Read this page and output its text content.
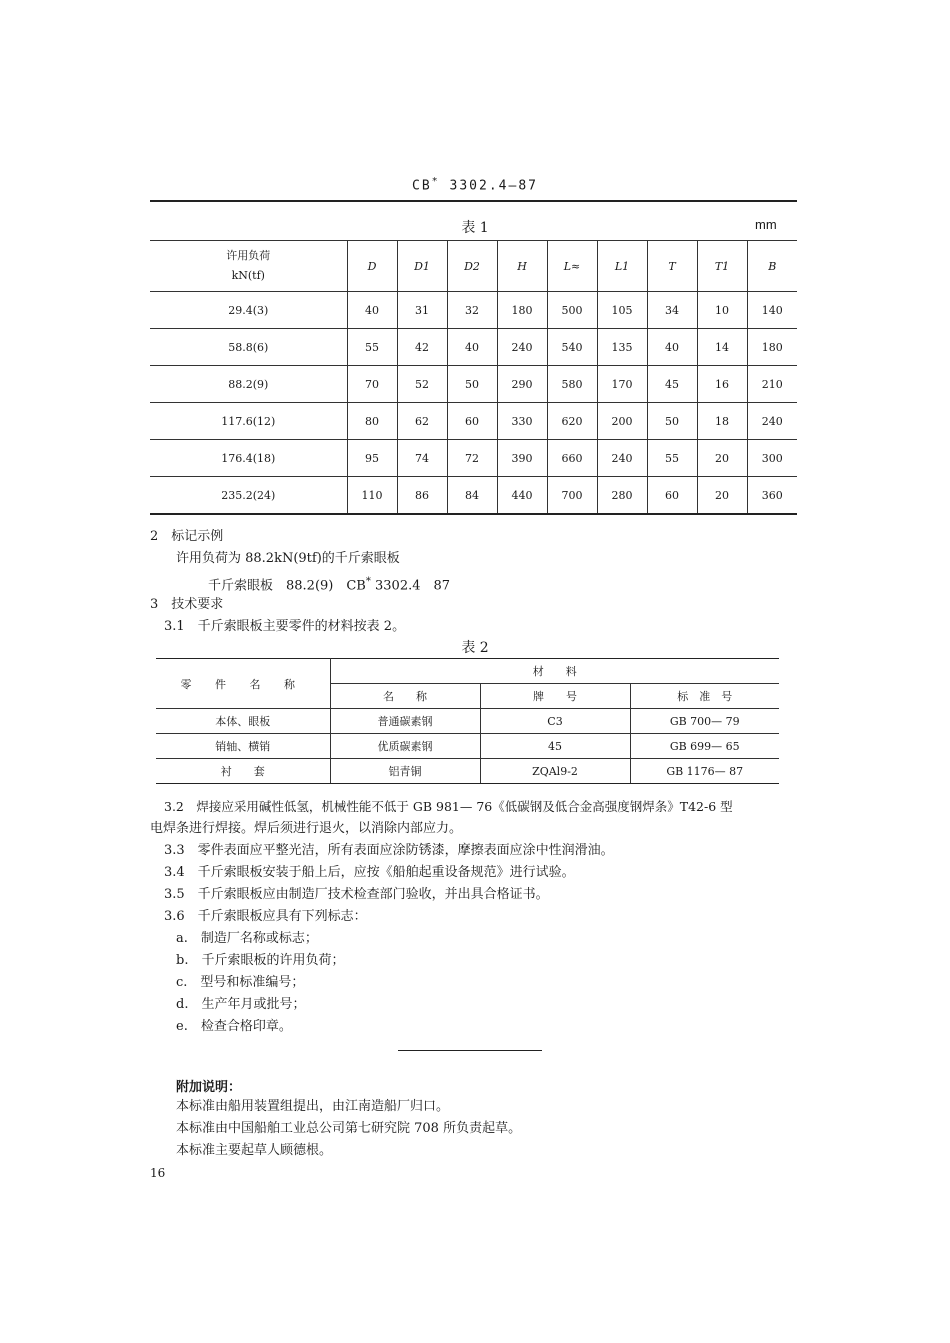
CB* 3302.4—87
表 1	mm
许用负荷
kN(tf)	D	D1	D2	H	L≈	L1	T	T1	B
29.4(3)	40	31	32	180	500	105	34	10	140
58.8(6)	55	42	40	240	540	135	40	14	180
88.2(9)	70	52	50	290	580	170	45	16	210
117.6(12)	80	62	60	330	620	200	50	18	240
176.4(18)	95	74	72	390	660	240	55	20	300
235.2(24)	110	86	84	440	700	280	60	20	360
2　标记示例
许用负荷为 88.2kN(9tf)的千斤索眼板
千斤索眼板　88.2(9)　CB* 3302.4　87
3　技术要求
3.1　千斤索眼板主要零件的材料按表 2。
表 2
零 件 名 称	材　　料		
	名　　称	牌　　号	标　准　号
本体、眼板	普通碳素钢	C3	GB 700— 79
销轴、横销	优质碳素钢	45	GB 699— 65
衬　　套	铝青铜	ZQAl9-2	GB 1176— 87
3.2　焊接应采用碱性低氢，机械性能不低于 GB 981— 76《低碳钢及低合金高强度钢焊条》T42-6 型
电焊条进行焊接。焊后须进行退火，以消除内部应力。
3.3　零件表面应平整光洁，所有表面应涂防锈漆，摩擦表面应涂中性润滑油。
3.4　千斤索眼板安装于船上后，应按《船舶起重设备规范》进行试验。
3.5　千斤索眼板应由制造厂技术检查部门验收，并出具合格证书。
3.6　千斤索眼板应具有下列标志：
a.　制造厂名称或标志；
b.　千斤索眼板的许用负荷；
c.　型号和标准编号；
d.　生产年月或批号；
e.　检查合格印章。
附加说明：
本标准由船用装置组提出，由江南造船厂归口。
本标准由中国船舶工业总公司第七研究院 708 所负责起草。
本标准主要起草人顾德根。
16
